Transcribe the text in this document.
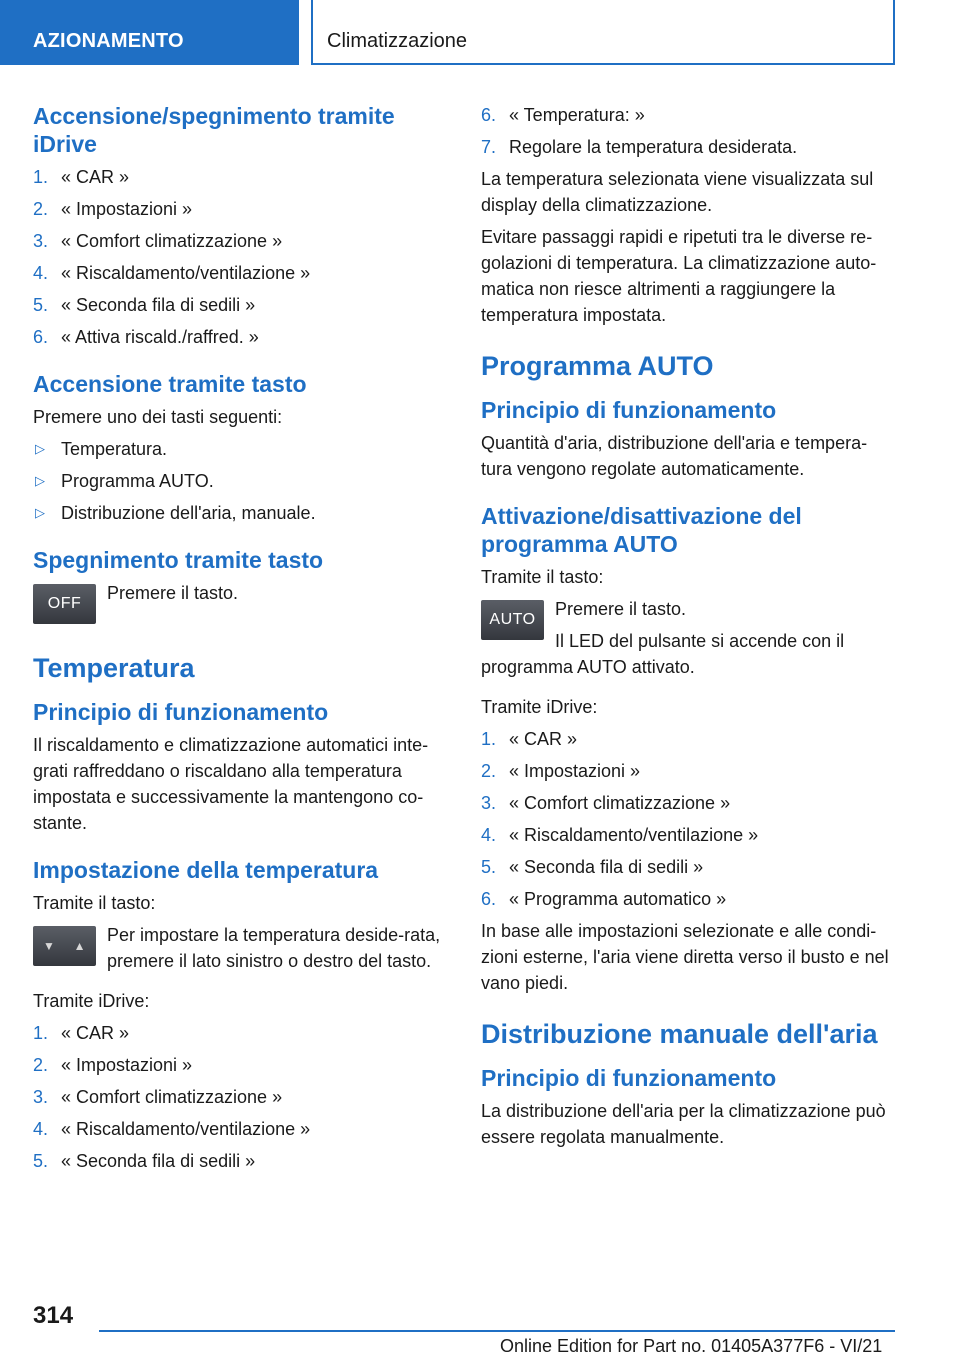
AZIONAMENTO	Climatizzazione
Accensione/spegnimento tramite iDrive
1. « CAR »
2. « Impostazioni »
3. « Comfort climatizzazione »
4. « Riscaldamento/ventilazione »
5. « Seconda fila di sedili »
6. « Attiva riscald./raffred. »
Accensione tramite tasto

Premere uno dei tasti seguenti:

▷ Temperatura.
▷ Programma AUTO.
▷ Distribuzione dell'aria, manuale.
Spegnimento tramite tasto
OFF
Premere il tasto.
Temperatura
Principio di funzionamento

Il riscaldamento e climatizzazione automatici inte‐grati raffreddano o riscaldano alla temperatura impostata e successivamente la mantengono co‐stante.

Impostazione della temperatura

Tramite il tasto:

▼ ▲
Per impostare la temperatura deside‐rata, premere il lato sinistro o destro del tasto.

Tramite iDrive:

1. « CAR »
2. « Impostazioni »
3. « Comfort climatizzazione »
4. « Riscaldamento/ventilazione »
5. « Seconda fila di sedili »
6. « Temperatura: »
7. Regolare la temperatura desiderata.

La temperatura selezionata viene visualizzata sul display della climatizzazione.

Evitare passaggi rapidi e ripetuti tra le diverse re‐golazioni di temperatura. La climatizzazione auto‐matica non riesce altrimenti a raggiungere la temperatura impostata.

Programma AUTO
Principio di funzionamento

Quantità d'aria, distribuzione dell'aria e tempera‐tura vengono regolate automaticamente.

Attivazione/disattivazione del programma AUTO

Tramite il tasto:

AUTO
Premere il tasto.
Il LED del pulsante si accende con il programma AUTO attivato.

Tramite iDrive:

1. « CAR »
2. « Impostazioni »
3. « Comfort climatizzazione »
4. « Riscaldamento/ventilazione »
5. « Seconda fila di sedili »
6. « Programma automatico »

In base alle impostazioni selezionate e alle condi‐zioni esterne, l'aria viene diretta verso il busto e nel vano piedi.

Distribuzione manuale dell'aria
Principio di funzionamento

La distribuzione dell'aria per la climatizzazione può essere regolata manualmente.

314
Online Edition for Part no. 01405A377F6 - VI/21
